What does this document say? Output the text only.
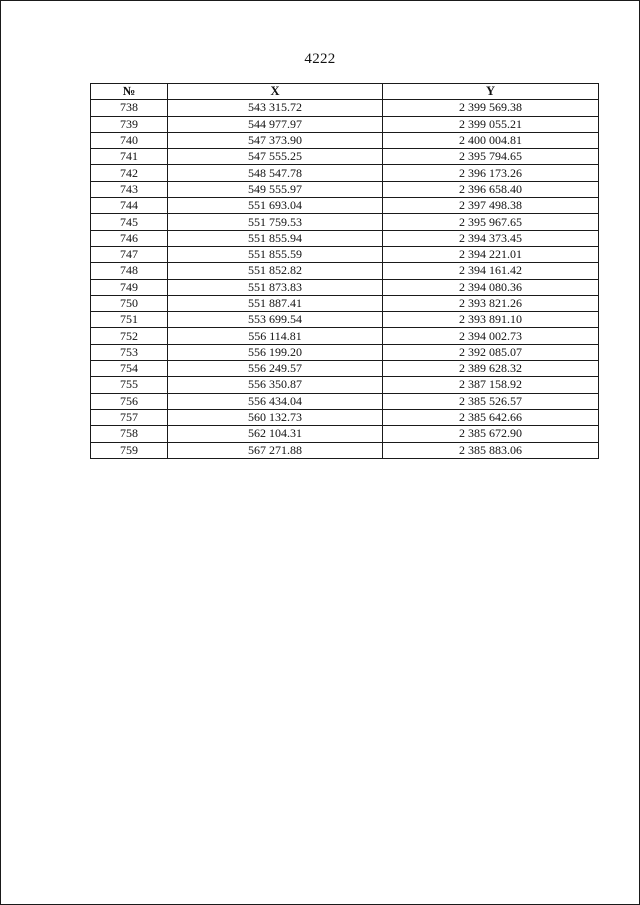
4222
№	X	Y
738	543 315.72	2 399 569.38
739	544 977.97	2 399 055.21
740	547 373.90	2 400 004.81
741	547 555.25	2 395 794.65
742	548 547.78	2 396 173.26
743	549 555.97	2 396 658.40
744	551 693.04	2 397 498.38
745	551 759.53	2 395 967.65
746	551 855.94	2 394 373.45
747	551 855.59	2 394 221.01
748	551 852.82	2 394 161.42
749	551 873.83	2 394 080.36
750	551 887.41	2 393 821.26
751	553 699.54	2 393 891.10
752	556 114.81	2 394 002.73
753	556 199.20	2 392 085.07
754	556 249.57	2 389 628.32
755	556 350.87	2 387 158.92
756	556 434.04	2 385 526.57
757	560 132.73	2 385 642.66
758	562 104.31	2 385 672.90
759	567 271.88	2 385 883.06
